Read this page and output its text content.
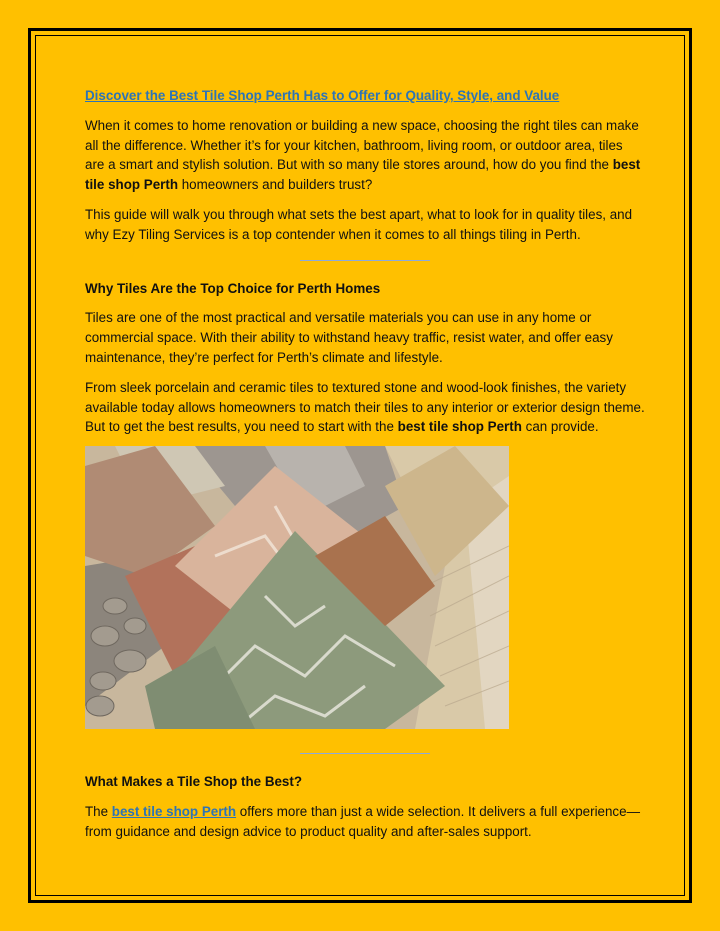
Discover the Best Tile Shop Perth Has to Offer for Quality, Style, and Value

When it comes to home renovation or building a new space, choosing the right tiles can make all the difference. Whether it’s for your kitchen, bathroom, living room, or outdoor area, tiles are a smart and stylish solution. But with so many tile stores around, how do you find the best tile shop Perth homeowners and builders trust?

This guide will walk you through what sets the best apart, what to look for in quality tiles, and why Ezy Tiling Services is a top contender when it comes to all things tiling in Perth.

Why Tiles Are the Top Choice for Perth Homes

Tiles are one of the most practical and versatile materials you can use in any home or commercial space. With their ability to withstand heavy traffic, resist water, and offer easy maintenance, they’re perfect for Perth’s climate and lifestyle.

From sleek porcelain and ceramic tiles to textured stone and wood-look finishes, the variety available today allows homeowners to match their tiles to any interior or exterior design theme. But to get the best results, you need to start with the best tile shop Perth can provide.

What Makes a Tile Shop the Best?

The best tile shop Perth offers more than just a wide selection. It delivers a full experience—from guidance and design advice to product quality and after-sales support.
